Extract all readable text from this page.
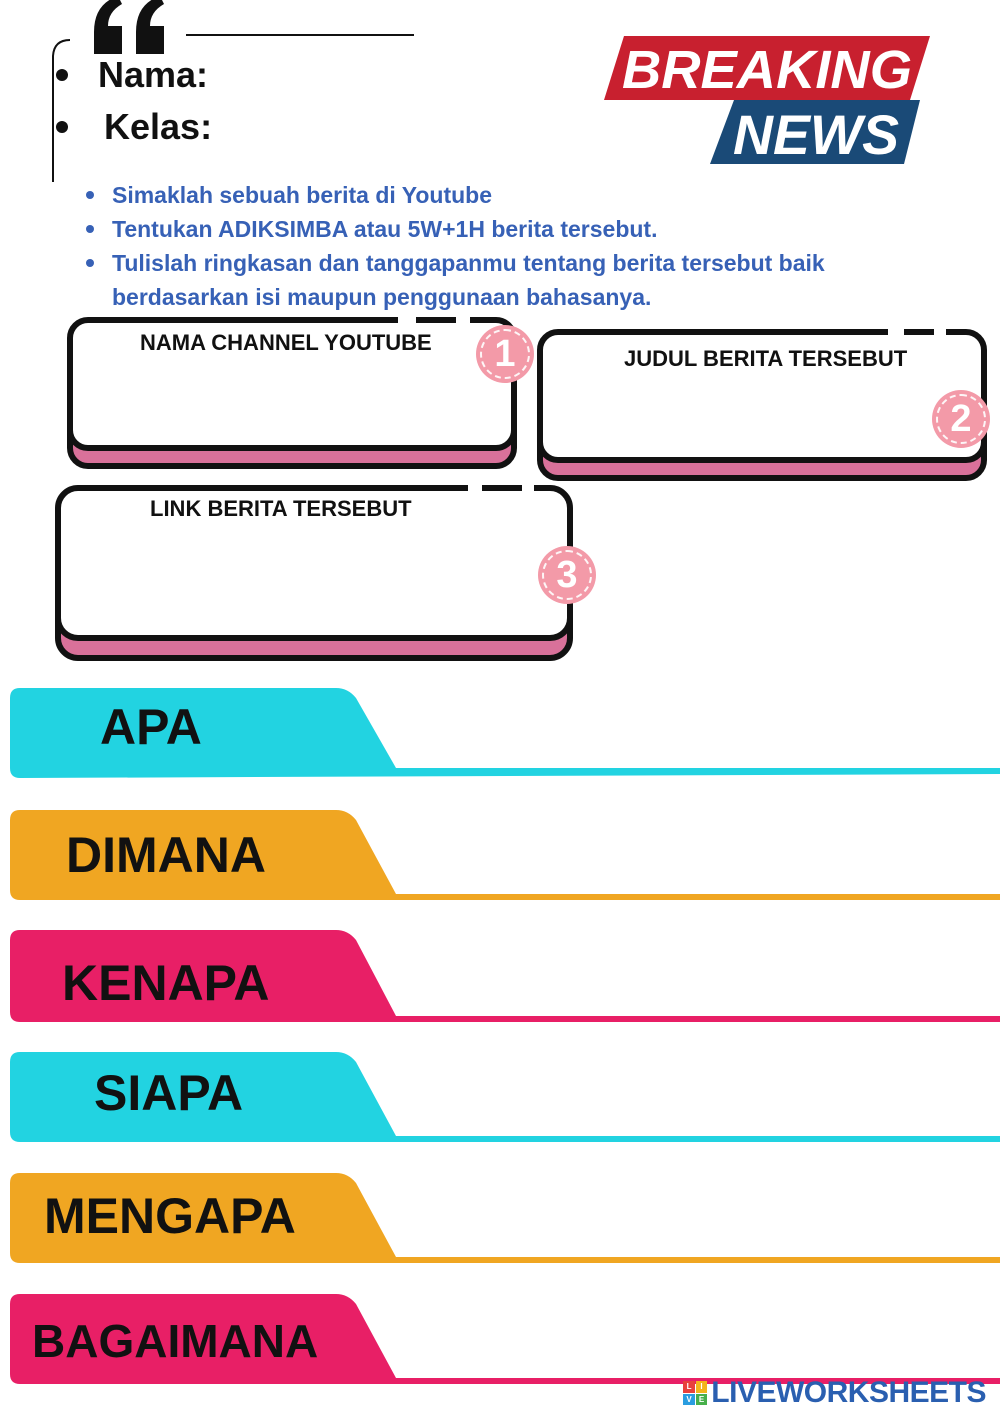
Nama:
Kelas:
BREAKING
NEWS
Simaklah sebuah berita di Youtube
Tentukan ADIKSIMBA atau 5W+1H berita tersebut.
Tulislah ringkasan dan tanggapanmu tentang berita tersebut baik berdasarkan isi maupun penggunaan bahasanya.
NAMA CHANNEL YOUTUBE 1	JUDUL BERITA TERSEBUT
2
LINK BERITA TERSEBUT
3
APA
DIMANA
KENAPA
SIAPA
MENGAPA
BAGAIMANA
L	I
V E LIVEWORKSHEETS
